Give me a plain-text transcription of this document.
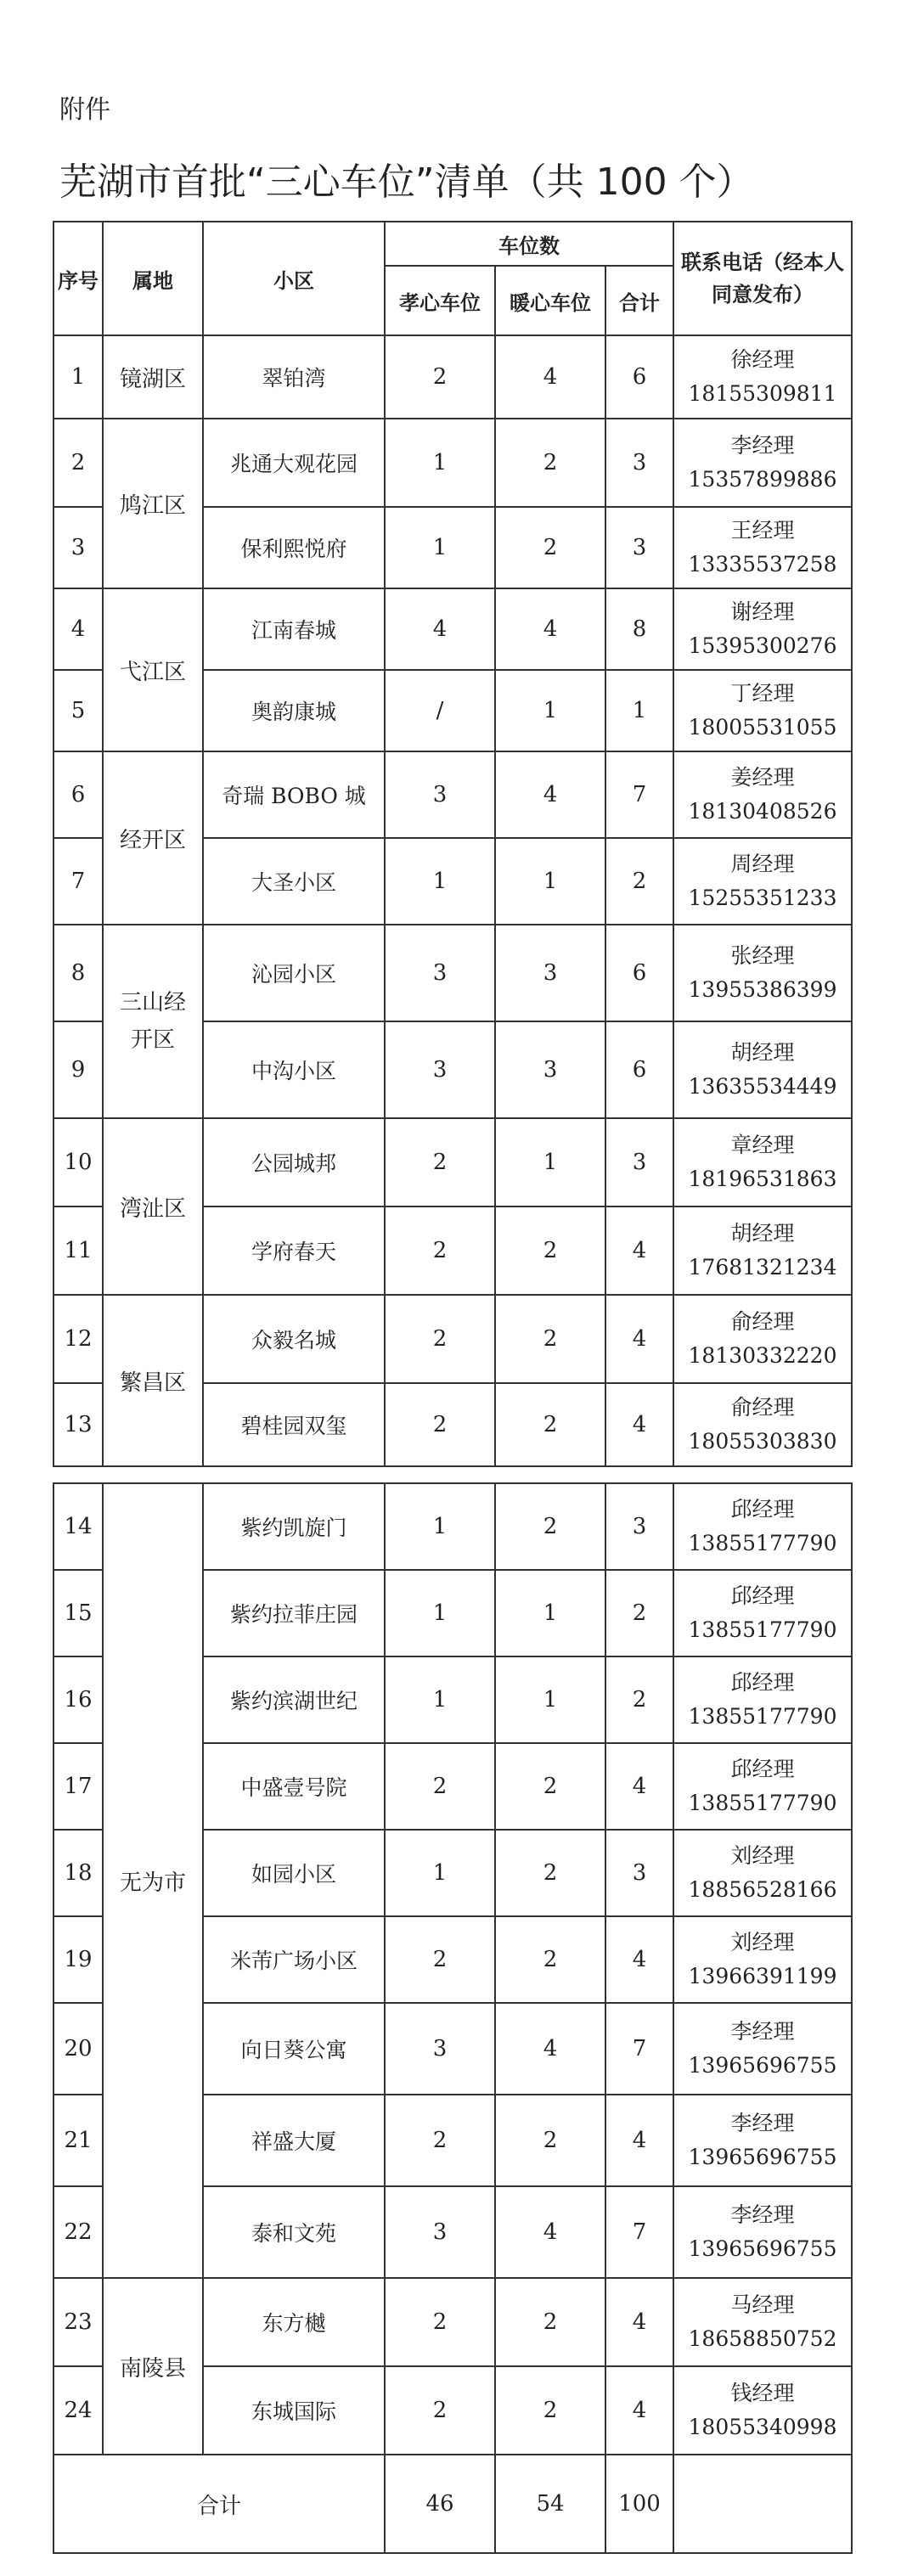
附件
芜湖市首批“三心车位”清单（共 100 个）
序号	属地	小区	车位数			联系电话（经本人同意发布）
			孝心车位	暖心车位	合计	
1	镜湖区	翠铂湾	2	4	6	徐经理
18155309811

2	鸠江区	兆通大观花园	1	2	3	李经理
15357899886

3		保利熙悦府	1	2	3	王经理
13335537258

4	弋江区	江南春城	4	4	8	谢经理
15395300276

5		奥韵康城	/	1	1	丁经理
18005531055

6	经开区	奇瑞 BOBO 城	3	4	7	姜经理
18130408526

7		大圣小区	1	1	2	周经理
15255351233

8	三山经开区	沁园小区	3	3	6	张经理
13955386399

9		中沟小区	3	3	6	胡经理
13635534449

10	湾沚区	公园城邦	2	1	3	章经理
18196531863

11		学府春天	2	2	4	胡经理
17681321234

12	繁昌区	众毅名城	2	2	4	俞经理
18130332220

13		碧桂园双玺	2	2	4	俞经理
18055303830
14	无为市	紫约凯旋门	1	2	3	邱经理
13855177790

15		紫约拉菲庄园	1	1	2	邱经理
13855177790

16		紫约滨湖世纪	1	1	2	邱经理
13855177790

17		中盛壹号院	2	2	4	邱经理
13855177790

18		如园小区	1	2	3	刘经理
18856528166

19		米芾广场小区	2	2	4	刘经理
13966391199

20		向日葵公寓	3	4	7	李经理
13965696755

21		祥盛大厦	2	2	4	李经理
13965696755

22		泰和文苑	3	4	7	李经理
13965696755

23	南陵县	东方樾	2	2	4	马经理
18658850752

24		东城国际	2	2	4	钱经理
18055340998

合计			46	54	100	
